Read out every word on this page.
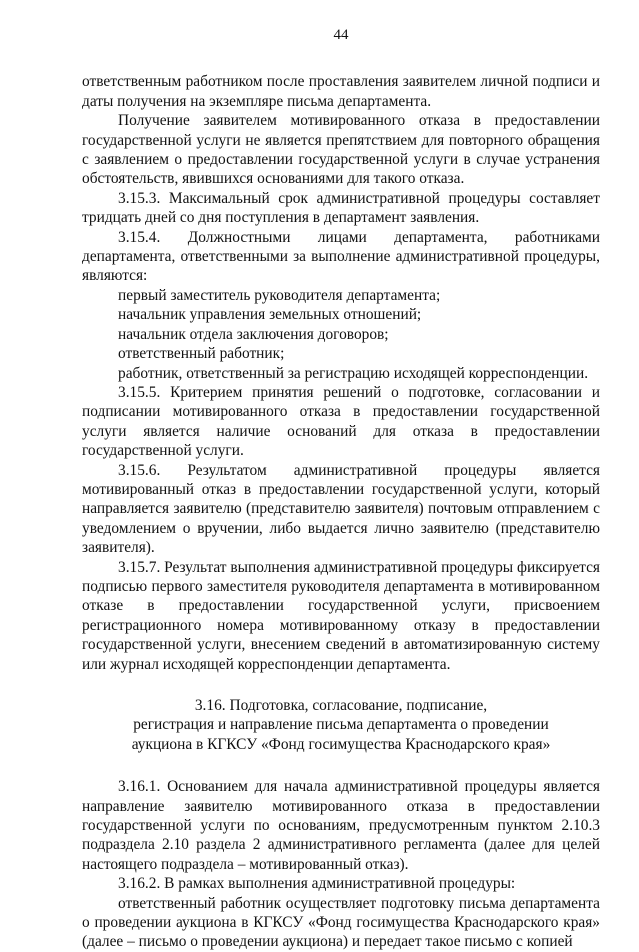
44

ответственным работником после проставления заявителем личной подписи и даты получения на экземпляре письма департамента.

Получение заявителем мотивированного отказа в предоставлении государственной услуги не является препятствием для повторного обращения с заявлением о предоставлении государственной услуги в случае устранения обстоятельств, явившихся основаниями для такого отказа.

3.15.3. Максимальный срок административной процедуры составляет тридцать дней со дня поступления в департамент заявления.

3.15.4. Должностными лицами департамента, работниками департамента, ответственными за выполнение административной процедуры, являются:

первый заместитель руководителя департамента;

начальник управления земельных отношений;

начальник отдела заключения договоров;

ответственный работник;

работник, ответственный за регистрацию исходящей корреспонденции.

3.15.5. Критерием принятия решений о подготовке, согласовании и подписании мотивированного отказа в предоставлении государственной услуги является наличие оснований для отказа в предоставлении государственной услуги.

3.15.6. Результатом административной процедуры является мотивированный отказ в предоставлении государственной услуги, который направляется заявителю (представителю заявителя) почтовым отправлением с уведомлением о вручении, либо выдается лично заявителю (представителю заявителя).

3.15.7. Результат выполнения административной процедуры фиксируется подписью первого заместителя руководителя департамента в мотивированном отказе в предоставлении государственной услуги, присвоением регистрационного номера мотивированному отказу в предоставлении государственной услуги, внесением сведений в автоматизированную систему или журнал исходящей корреспонденции департамента.

3.16. Подготовка, согласование, подписание,
регистрация и направление письма департамента о проведении
аукциона в КГКСУ «Фонд госимущества Краснодарского края»

3.16.1. Основанием для начала административной процедуры является направление заявителю мотивированного отказа в предоставлении государственной услуги по основаниям, предусмотренным пунктом 2.10.3 подраздела 2.10 раздела 2 административного регламента (далее для целей настоящего подраздела – мотивированный отказ).

3.16.2. В рамках выполнения административной процедуры:

ответственный работник осуществляет подготовку письма департамента о проведении аукциона в КГКСУ «Фонд госимущества Краснодарского края» (далее – письмо о проведении аукциона) и передает такое письмо с копией
